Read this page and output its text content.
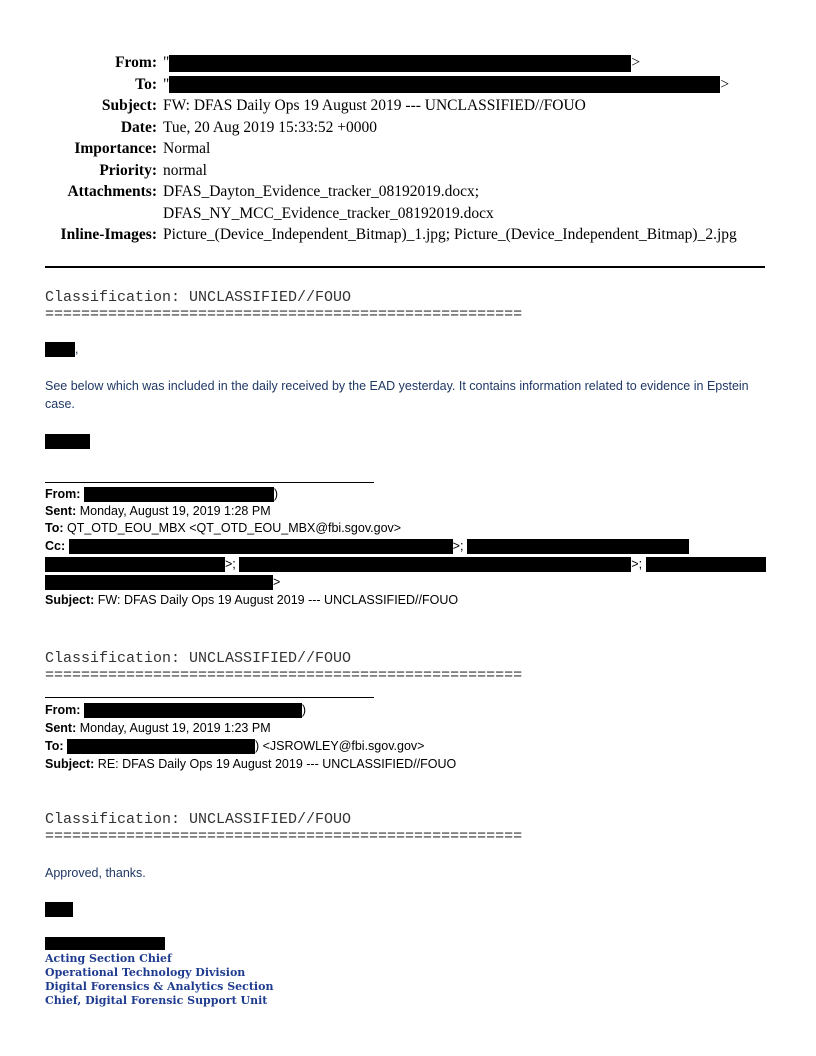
From: "	>
To: "	>
Subject: FW: DFAS Daily Ops 19 August 2019 --- UNCLASSIFIED//FOUO
Date: Tue, 20 Aug 2019 15:33:52 +0000
Importance: Normal
Priority: normal
Attachments: DFAS_Dayton_Evidence_tracker_08192019.docx;
DFAS_NY_MCC_Evidence_tracker_08192019.docx
Inline-Images: Picture_(Device_Independent_Bitmap)_1.jpg; Picture_(Device_Independent_Bitmap)_2.jpg
Classification: UNCLASSIFIED//FOUO
=====================================================
,
See below which was included in the daily received by the EAD yesterday. It contains information related to evidence in Epstein case.
From:	)
Sent: Monday, August 19, 2019 1:28 PM
To: QT_OTD_EOU_MBX <QT_OTD_EOU_MBX@fbi.sgov.gov>
Cc:	>;
>;	>;
>
Subject: FW: DFAS Daily Ops 19 August 2019 --- UNCLASSIFIED//FOUO
Classification: UNCLASSIFIED//FOUO
=====================================================
From:	)
Sent: Monday, August 19, 2019 1:23 PM
To:	) <JSROWLEY@fbi.sgov.gov>
Subject: RE: DFAS Daily Ops 19 August 2019 --- UNCLASSIFIED//FOUO
Classification: UNCLASSIFIED//FOUO
=====================================================
Approved, thanks.
Acting Section Chief
Operational Technology Division
Digital Forensics & Analytics Section
Chief, Digital Forensic Support Unit
